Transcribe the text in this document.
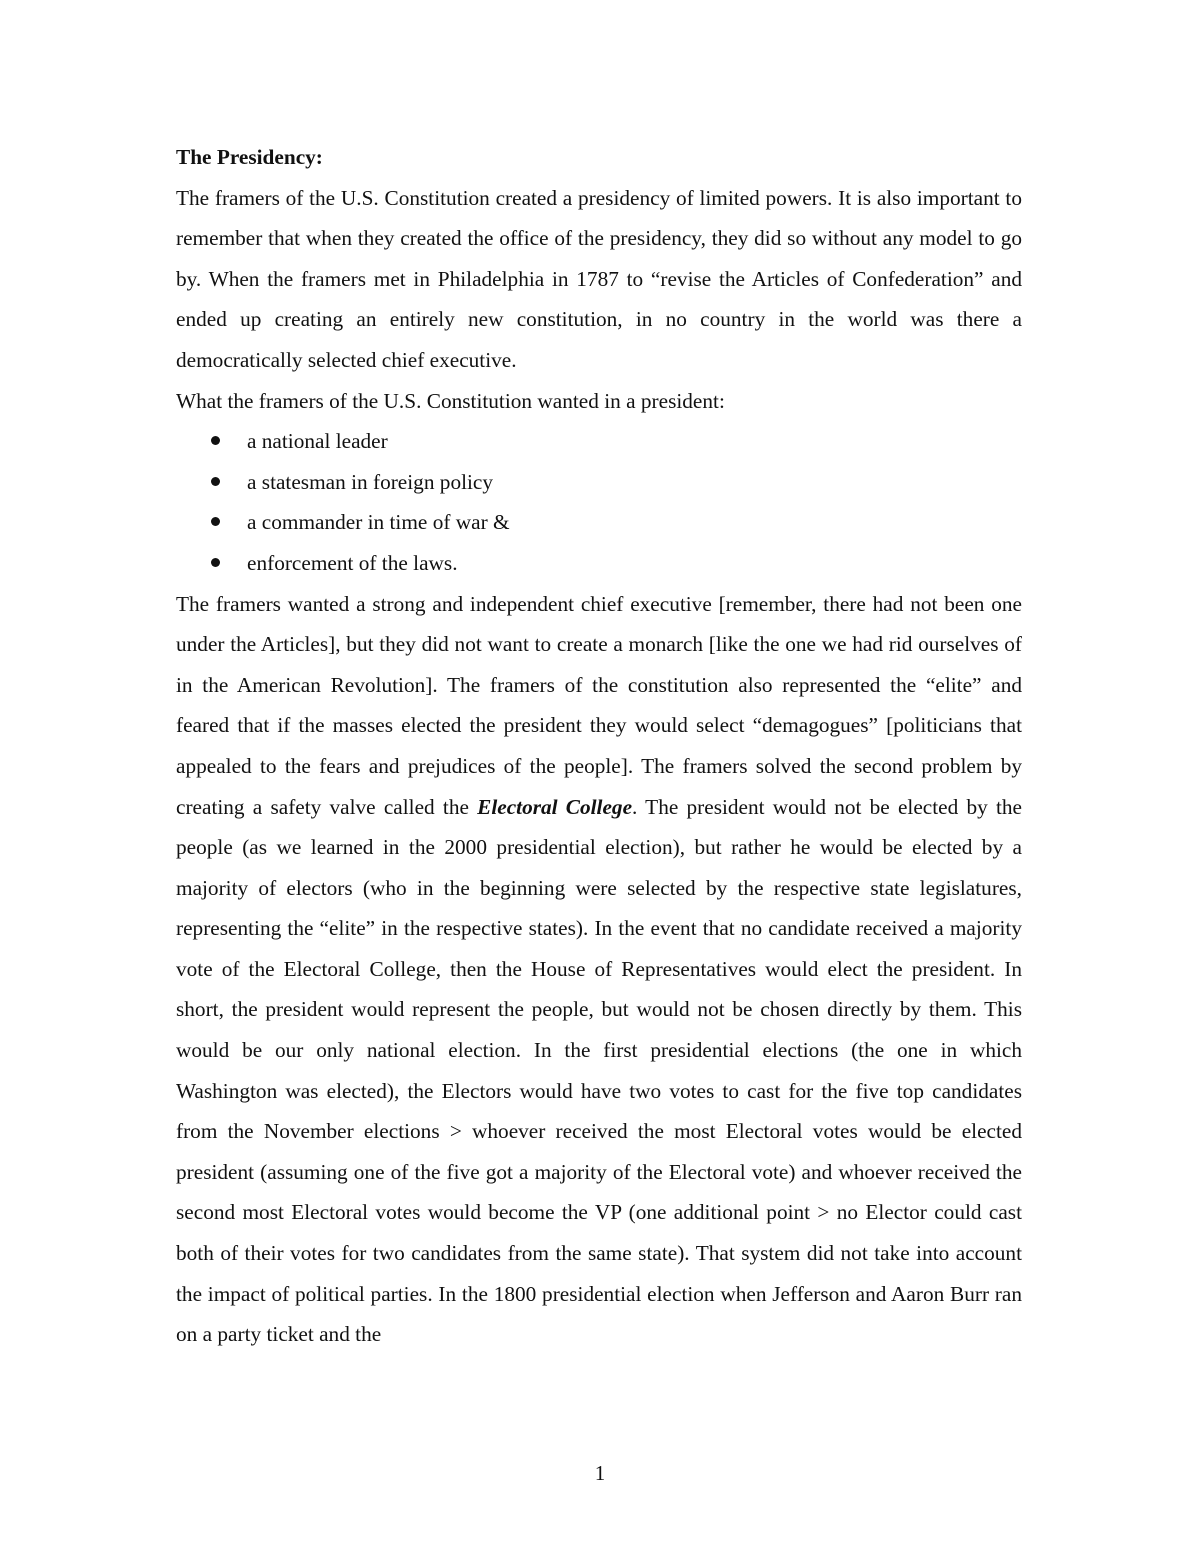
The Presidency:

The framers of the U.S. Constitution created a presidency of limited powers. It is also important to remember that when they created the office of the presidency, they did so without any model to go by. When the framers met in Philadelphia in 1787 to “revise the Articles of Confederation” and ended up creating an entirely new constitution, in no country in the world was there a democratically selected chief executive.

What the framers of the U.S. Constitution wanted in a president:

a national leader
a statesman in foreign policy
a commander in time of war &
enforcement of the laws.

The framers wanted a strong and independent chief executive [remember, there had not been one under the Articles], but they did not want to create a monarch [like the one we had rid ourselves of in the American Revolution]. The framers of the constitution also represented the “elite” and feared that if the masses elected the president they would select “demagogues” [politicians that appealed to the fears and prejudices of the people]. The framers solved the second problem by creating a safety valve called the Electoral College. The president would not be elected by the people (as we learned in the 2000 presidential election), but rather he would be elected by a majority of electors (who in the beginning were selected by the respective state legislatures, representing the “elite” in the respective states). In the event that no candidate received a majority vote of the Electoral College, then the House of Representatives would elect the president. In short, the president would represent the people, but would not be chosen directly by them. This would be our only national election. In the first presidential elections (the one in which Washington was elected), the Electors would have two votes to cast for the five top candidates from the November elections > whoever received the most Electoral votes would be elected president (assuming one of the five got a majority of the Electoral vote) and whoever received the second most Electoral votes would become the VP (one additional point > no Elector could cast both of their votes for two candidates from the same state). That system did not take into account the impact of political parties. In the 1800 presidential election when Jefferson and Aaron Burr ran on a party ticket and the

1
